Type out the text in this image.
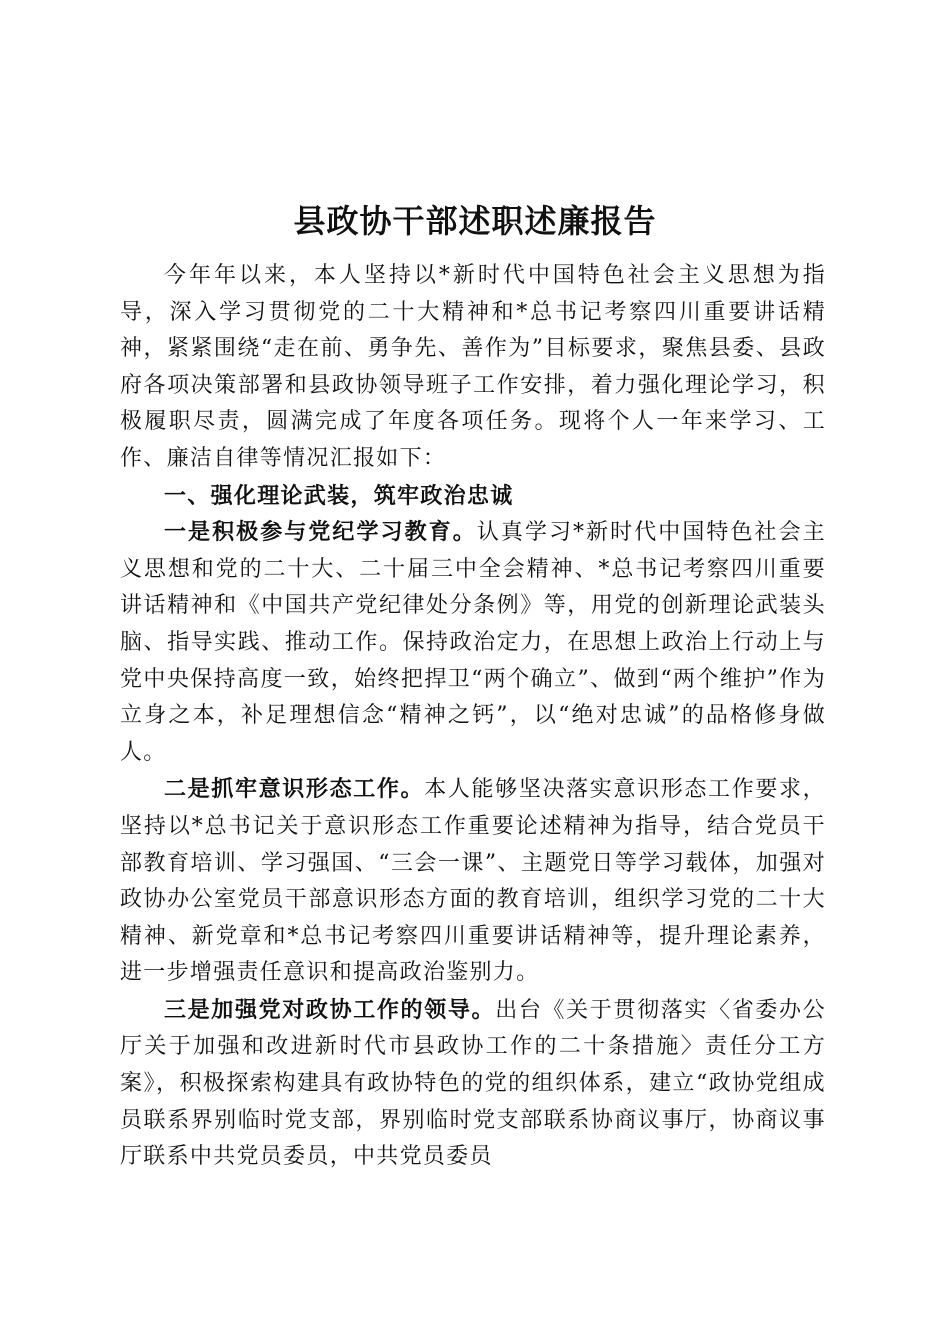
县政协干部述职述廉报告

今年年以来，本人坚持以*新时代中国特色社会主义思想为指导，深入学习贯彻党的二十大精神和*总书记考察四川重要讲话精神，紧紧围绕“走在前、勇争先、善作为”目标要求，聚焦县委、县政府各项决策部署和县政协领导班子工作安排，着力强化理论学习，积极履职尽责，圆满完成了年度各项任务。现将个人一年来学习、工作、廉洁自律等情况汇报如下：

一、强化理论武装，筑牢政治忠诚

一是积极参与党纪学习教育。认真学习*新时代中国特色社会主义思想和党的二十大、二十届三中全会精神、*总书记考察四川重要讲话精神和《中国共产党纪律处分条例》等，用党的创新理论武装头脑、指导实践、推动工作。保持政治定力，在思想上政治上行动上与党中央保持高度一致，始终把捍卫“两个确立”、做到“两个维护”作为立身之本，补足理想信念“精神之钙”，以“绝对忠诚”的品格修身做人。

二是抓牢意识形态工作。本人能够坚决落实意识形态工作要求，坚持以*总书记关于意识形态工作重要论述精神为指导，结合党员干部教育培训、学习强国、“三会一课”、主题党日等学习载体，加强对政协办公室党员干部意识形态方面的教育培训，组织学习党的二十大精神、新党章和*总书记考察四川重要讲话精神等，提升理论素养，进一步增强责任意识和提高政治鉴别力。

三是加强党对政协工作的领导。出台《关于贯彻落实〈省委办公厅关于加强和改进新时代市县政协工作的二十条措施〉责任分工方案》，积极探索构建具有政协特色的党的组织体系，建立“政协党组成员联系界别临时党支部，界别临时党支部联系协商议事厅，协商议事厅联系中共党员委员，中共党员委员
